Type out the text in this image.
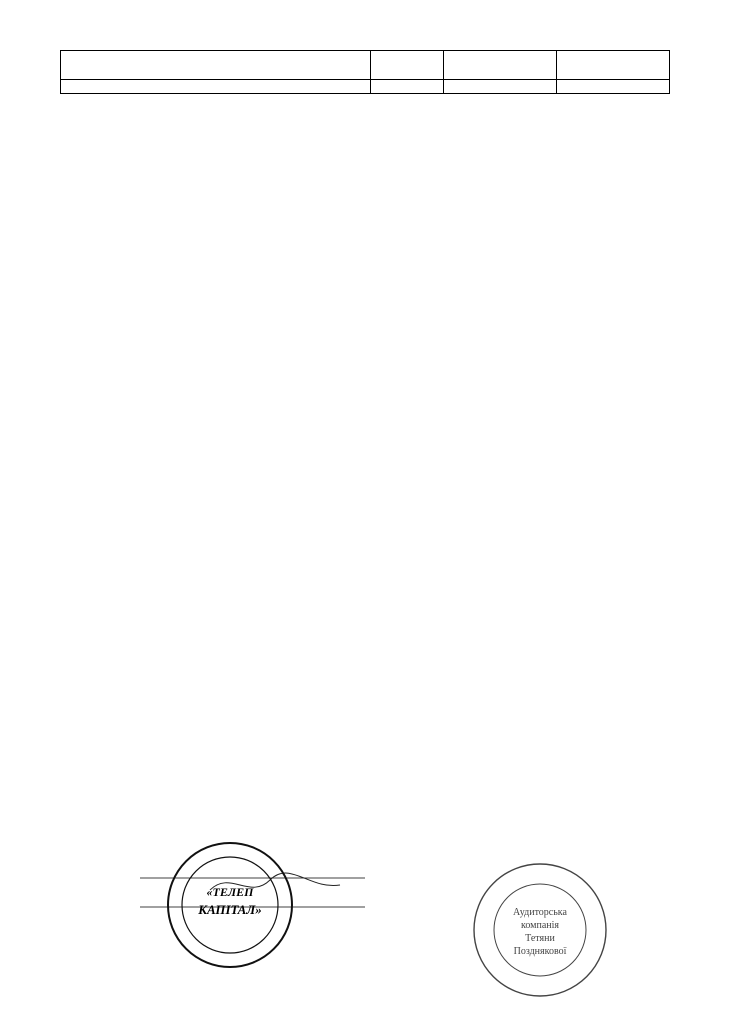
«ТЕЛЕП
КАПІТАЛ»	Аудиторська
компанія
Тетяни
Позднякової
